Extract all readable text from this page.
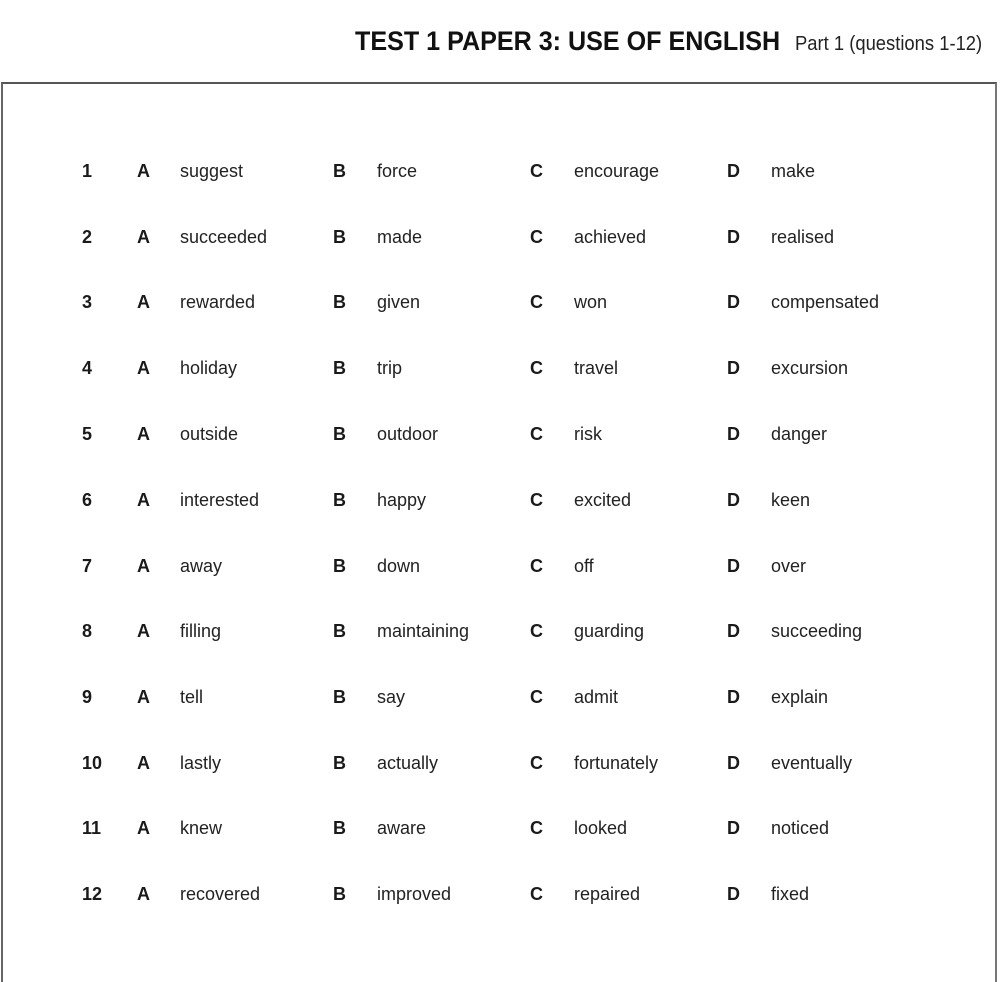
TEST 1 PAPER 3: USE OF ENGLISH Part 1 (questions 1-12)
1 A suggest	B force	C encourage	D make
2 A succeeded	B made	C achieved	D realised
3 A rewarded	B given	C won	D compensated
4 A holiday	B trip	C travel	D excursion
5 A outside	B outdoor	C risk	D danger
6 A interested	B happy	C excited	D keen
7 A away	B down	C off	D over
8 A filling	B maintaining	C guarding	D succeeding
9 A tell	B say	C admit	D explain
10 A lastly	B actually	C fortunately	D eventually
11 A knew	B aware	C looked	D noticed
12 A recovered	B improved	C repaired	D fixed
